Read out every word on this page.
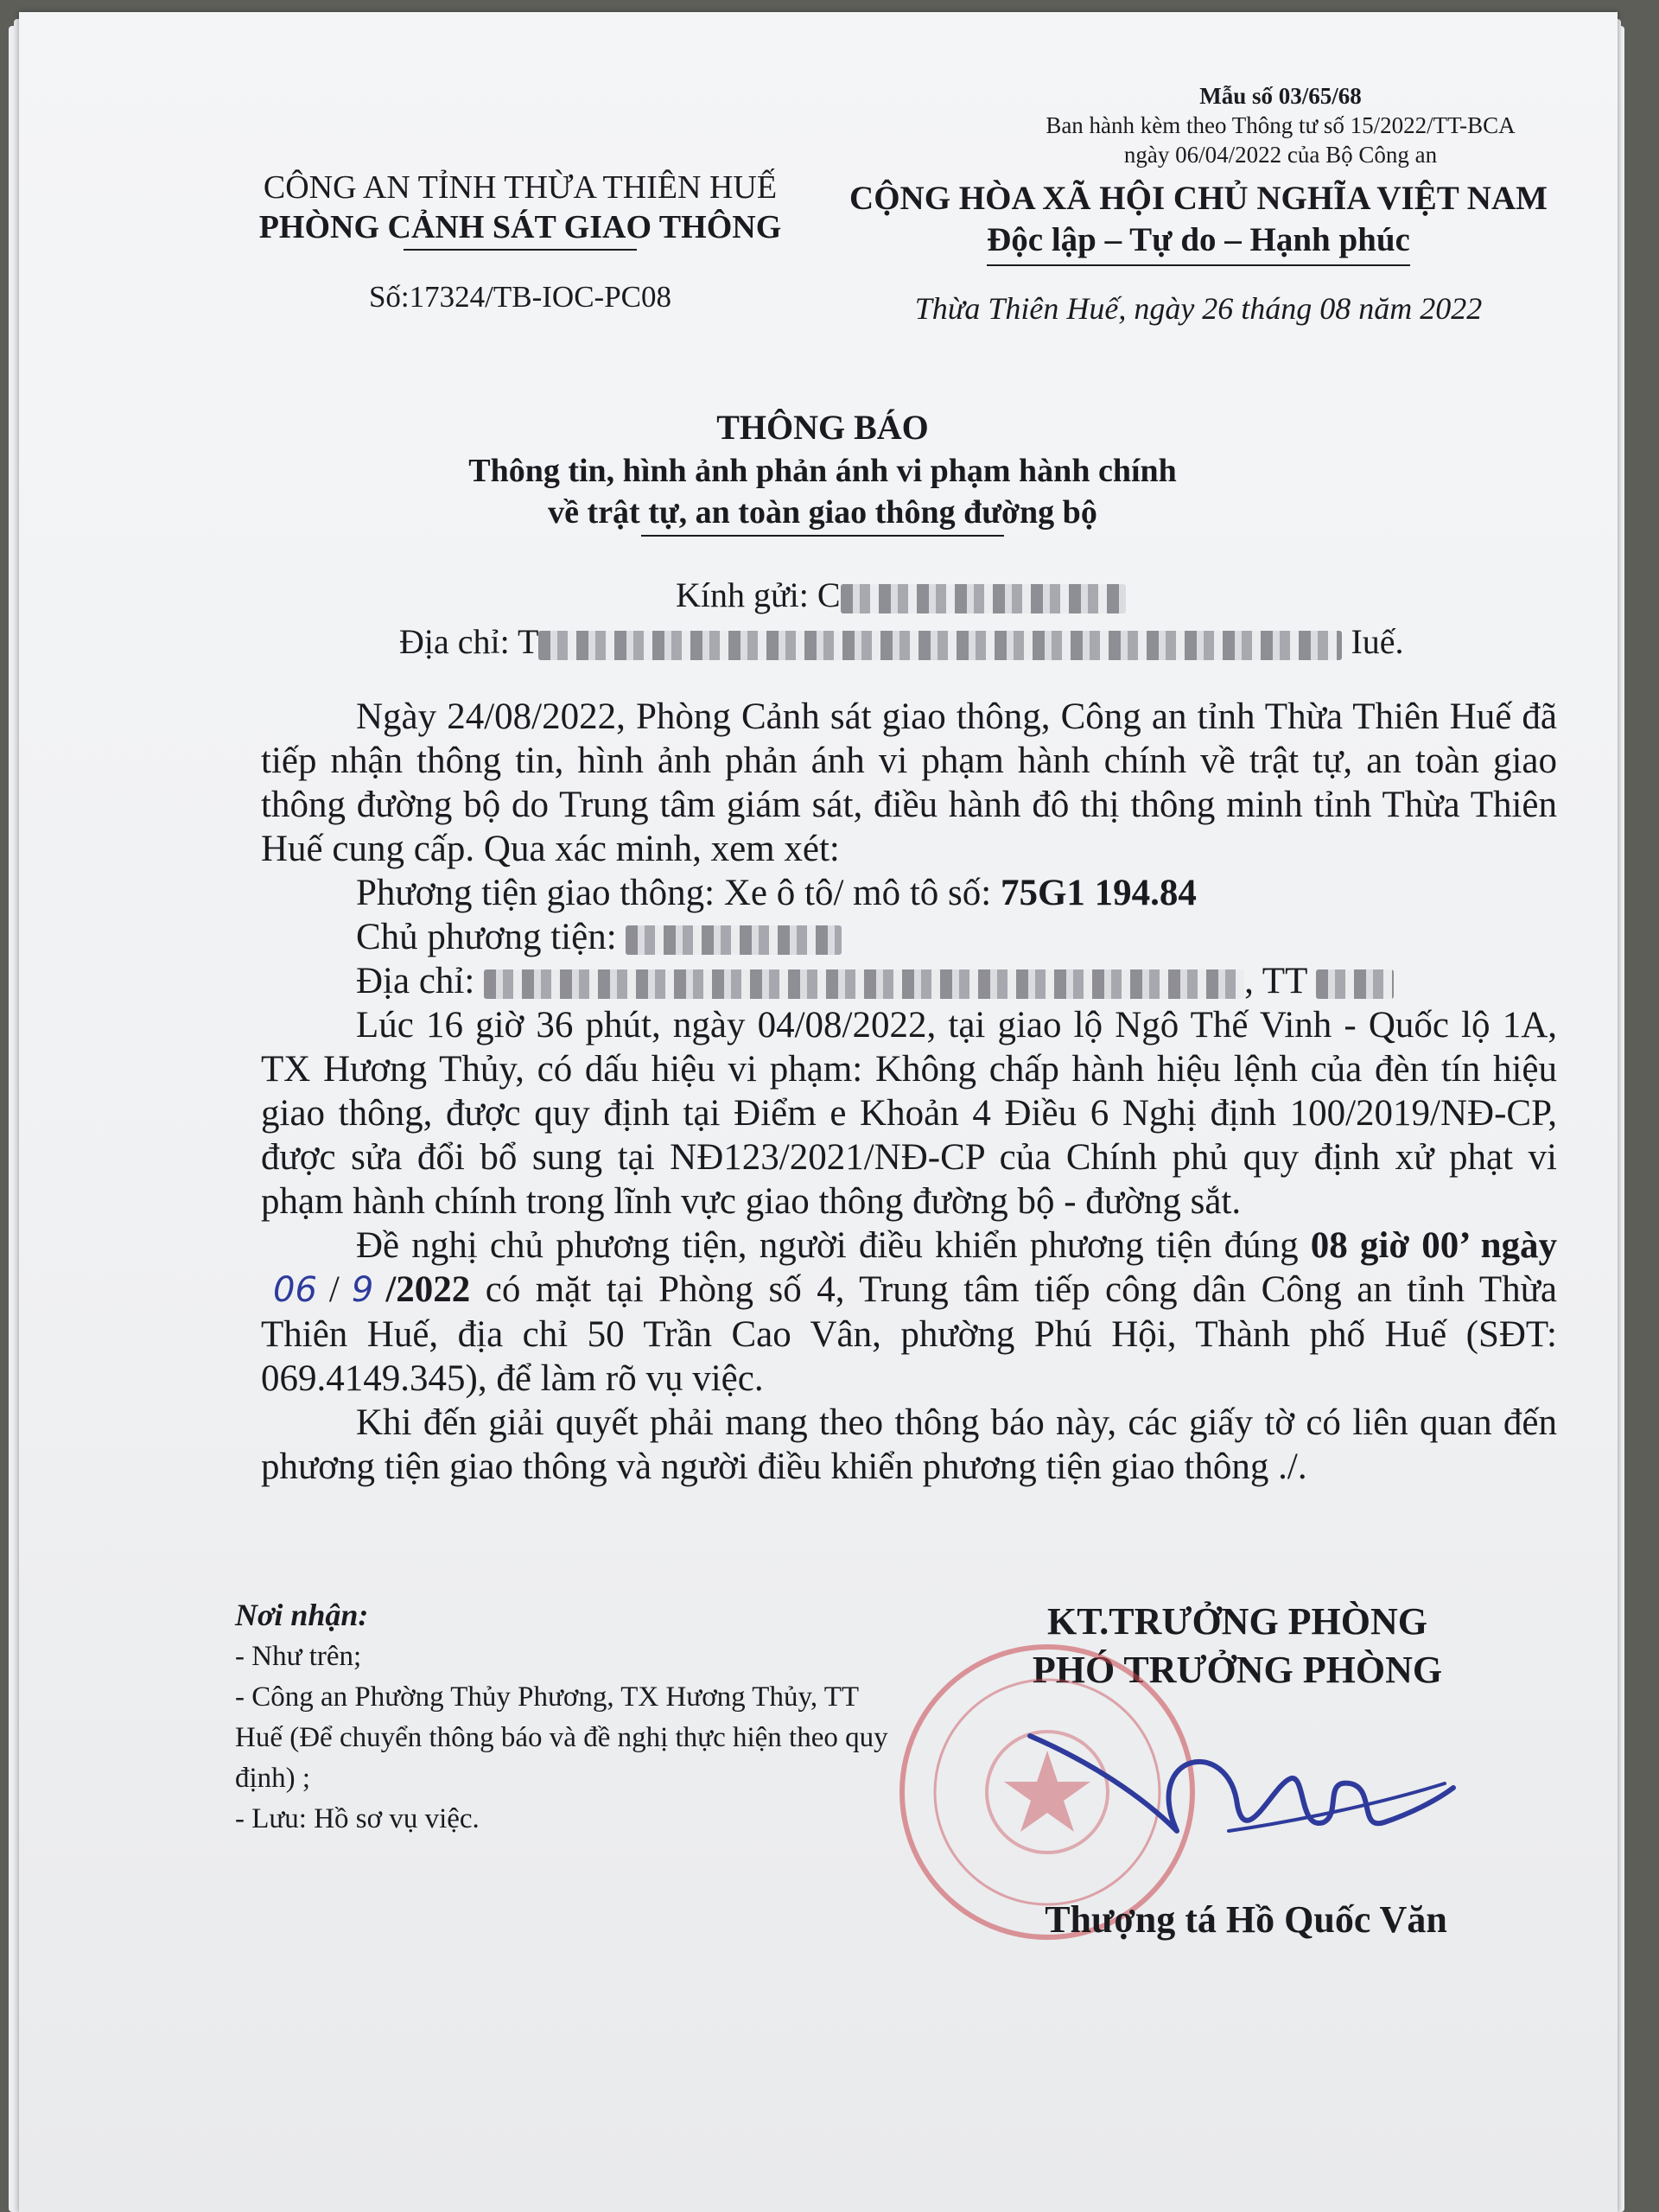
Mẫu số 03/65/68
Ban hành kèm theo Thông tư số 15/2022/TT-BCA
ngày 06/04/2022 của Bộ Công an
CÔNG AN TỈNH THỪA THIÊN HUẾ
PHÒNG CẢNH SÁT GIAO THÔNG
Số:17324/TB-IOC-PC08
CỘNG HÒA XÃ HỘI CHỦ NGHĨA VIỆT NAM
Độc lập – Tự do – Hạnh phúc
Thừa Thiên Huế, ngày 26 tháng 08 năm 2022
THÔNG BÁO
Thông tin, hình ảnh phản ánh vi phạm hành chính
về trật tự, an toàn giao thông đường bộ
Kính gửi: C
Địa chỉ: T	Iuế.

Ngày 24/08/2022, Phòng Cảnh sát giao thông, Công an tỉnh Thừa Thiên Huế đã tiếp nhận thông tin, hình ảnh phản ánh vi phạm hành chính về trật tự, an toàn giao thông đường bộ do Trung tâm giám sát, điều hành đô thị thông minh tỉnh Thừa Thiên Huế cung cấp. Qua xác minh, xem xét:

Phương tiện giao thông: Xe ô tô/ mô tô số: 75G1 194.84

Chủ phương tiện:

Địa chỉ:	, TT

Lúc 16 giờ 36 phút, ngày 04/08/2022, tại giao lộ Ngô Thế Vinh - Quốc lộ 1A, TX Hương Thủy, có dấu hiệu vi phạm: Không chấp hành hiệu lệnh của đèn tín hiệu giao thông, được quy định tại Điểm e Khoản 4 Điều 6 Nghị định 100/2019/NĐ-CP, được sửa đổi bổ sung tại NĐ123/2021/NĐ-CP của Chính phủ quy định xử phạt vi phạm hành chính trong lĩnh vực giao thông đường bộ - đường sắt.

Đề nghị chủ phương tiện, người điều khiển phương tiện đúng 08 giờ 00’ ngày 06 / 9 /2022 có mặt tại Phòng số 4, Trung tâm tiếp công dân Công an tỉnh Thừa Thiên Huế, địa chỉ 50 Trần Cao Vân, phường Phú Hội, Thành phố Huế (SĐT: 069.4149.345), để làm rõ vụ việc.

Khi đến giải quyết phải mang theo thông báo này, các giấy tờ có liên quan đến phương tiện giao thông và người điều khiển phương tiện giao thông ./.

Nơi nhận:

- Như trên;

- Công an Phường Thủy Phương, TX Hương Thủy, TT Huế (Để chuyển thông báo và đề nghị thực hiện theo quy định) ;

- Lưu: Hồ sơ vụ việc.

KT.TRƯỞNG PHÒNG
PHÓ TRƯỞNG PHÒNG
Thượng tá Hồ Quốc Văn
